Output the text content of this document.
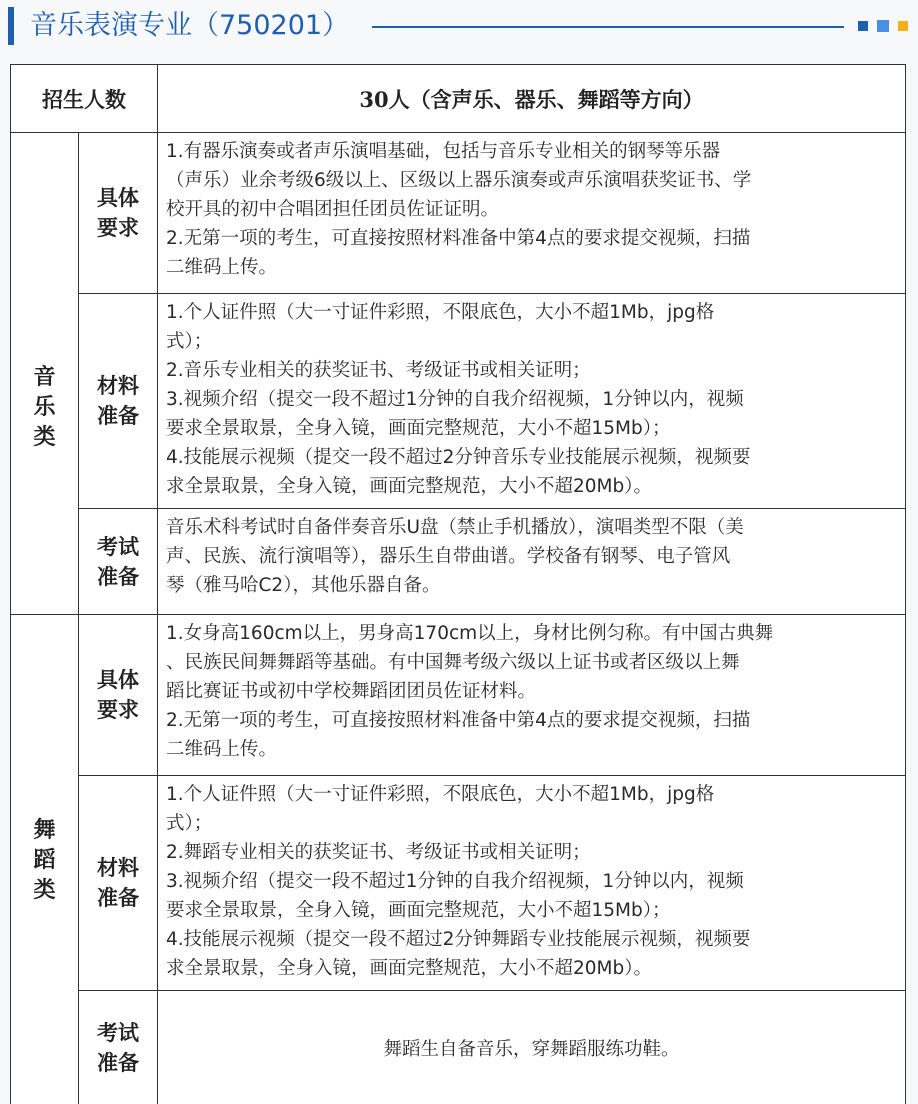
音乐表演专业（750201）
招生人数	30人（含声乐、器乐、舞蹈等方向）
音乐类
具体要求
1.有器乐演奏或者声乐演唱基础，包括与音乐专业相关的钢琴等乐器
（声乐）业余考级6级以上、区级以上器乐演奏或声乐演唱获奖证书、学
校开具的初中合唱团担任团员佐证证明。
2.无第一项的考生，可直接按照材料准备中第4点的要求提交视频，扫描
二维码上传。
材料准备
1.个人证件照（大一寸证件彩照，不限底色，大小不超1Mb，jpg格
式）；
2.音乐专业相关的获奖证书、考级证书或相关证明；
3.视频介绍（提交一段不超过1分钟的自我介绍视频，1分钟以内，视频
要求全景取景，全身入镜，画面完整规范，大小不超15Mb）；
4.技能展示视频（提交一段不超过2分钟音乐专业技能展示视频，视频要
求全景取景，全身入镜，画面完整规范，大小不超20Mb）。
考试准备
音乐术科考试时自备伴奏音乐U盘（禁止手机播放），演唱类型不限（美
声、民族、流行演唱等），器乐生自带曲谱。学校备有钢琴、电子管风
琴（雅马哈C2），其他乐器自备。
舞蹈类
具体要求
1.女身高160cm以上，男身高170cm以上，身材比例匀称。有中国古典舞
、民族民间舞舞蹈等基础。有中国舞考级六级以上证书或者区级以上舞
蹈比赛证书或初中学校舞蹈团团员佐证材料。
2.无第一项的考生，可直接按照材料准备中第4点的要求提交视频，扫描
二维码上传。
材料准备
1.个人证件照（大一寸证件彩照，不限底色，大小不超1Mb，jpg格
式）；
2.舞蹈专业相关的获奖证书、考级证书或相关证明；
3.视频介绍（提交一段不超过1分钟的自我介绍视频，1分钟以内，视频
要求全景取景，全身入镜，画面完整规范，大小不超15Mb）；
4.技能展示视频（提交一段不超过2分钟舞蹈专业技能展示视频，视频要
求全景取景，全身入镜，画面完整规范，大小不超20Mb）。
考试准备
舞蹈生自备音乐，穿舞蹈服练功鞋。
